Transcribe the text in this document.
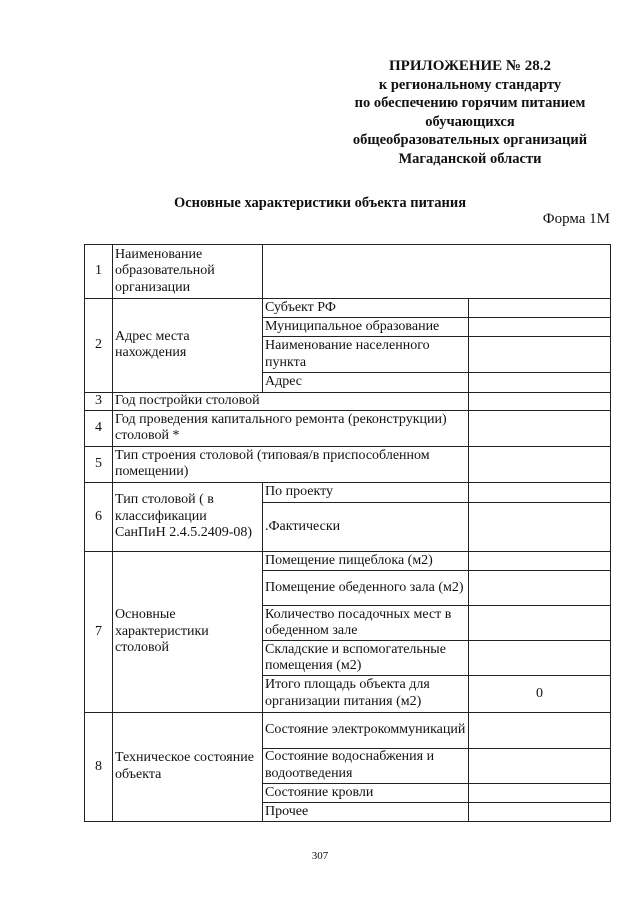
ПРИЛОЖЕНИЕ № 28.2
к региональному стандарту
по обеспечению горячим питанием
обучающихся
общеобразовательных организаций
Магаданской области
Основные характеристики объекта питания
Форма 1М
1	Наименование образовательной организации		
2	Адрес места нахождения	Субъект РФ	
		Муниципальное образование	
		Наименование населенного пункта	
		Адрес	
3	Год постройки столовой		
4	Год проведения капитального ремонта (реконструкции) столовой *		
5	Тип строения столовой (типовая/в приспособленном помещении)		
6	Тип столовой ( в классификации СанПиН 2.4.5.2409-08)	По проекту	
		.Фактически	
7	Основные характеристики столовой	Помещение пищеблока (м2)	
		Помещение обеденного зала (м2)	
		Количество посадочных мест в обеденном зале	
		Складские и вспомогательные помещения (м2)	
		Итого площадь объекта для организации питания (м2)	0
8	Техническое состояние объекта	Состояние электрокоммуникаций	
		Состояние водоснабжения и водоотведения	
		Состояние кровли	
		Прочее	
307
